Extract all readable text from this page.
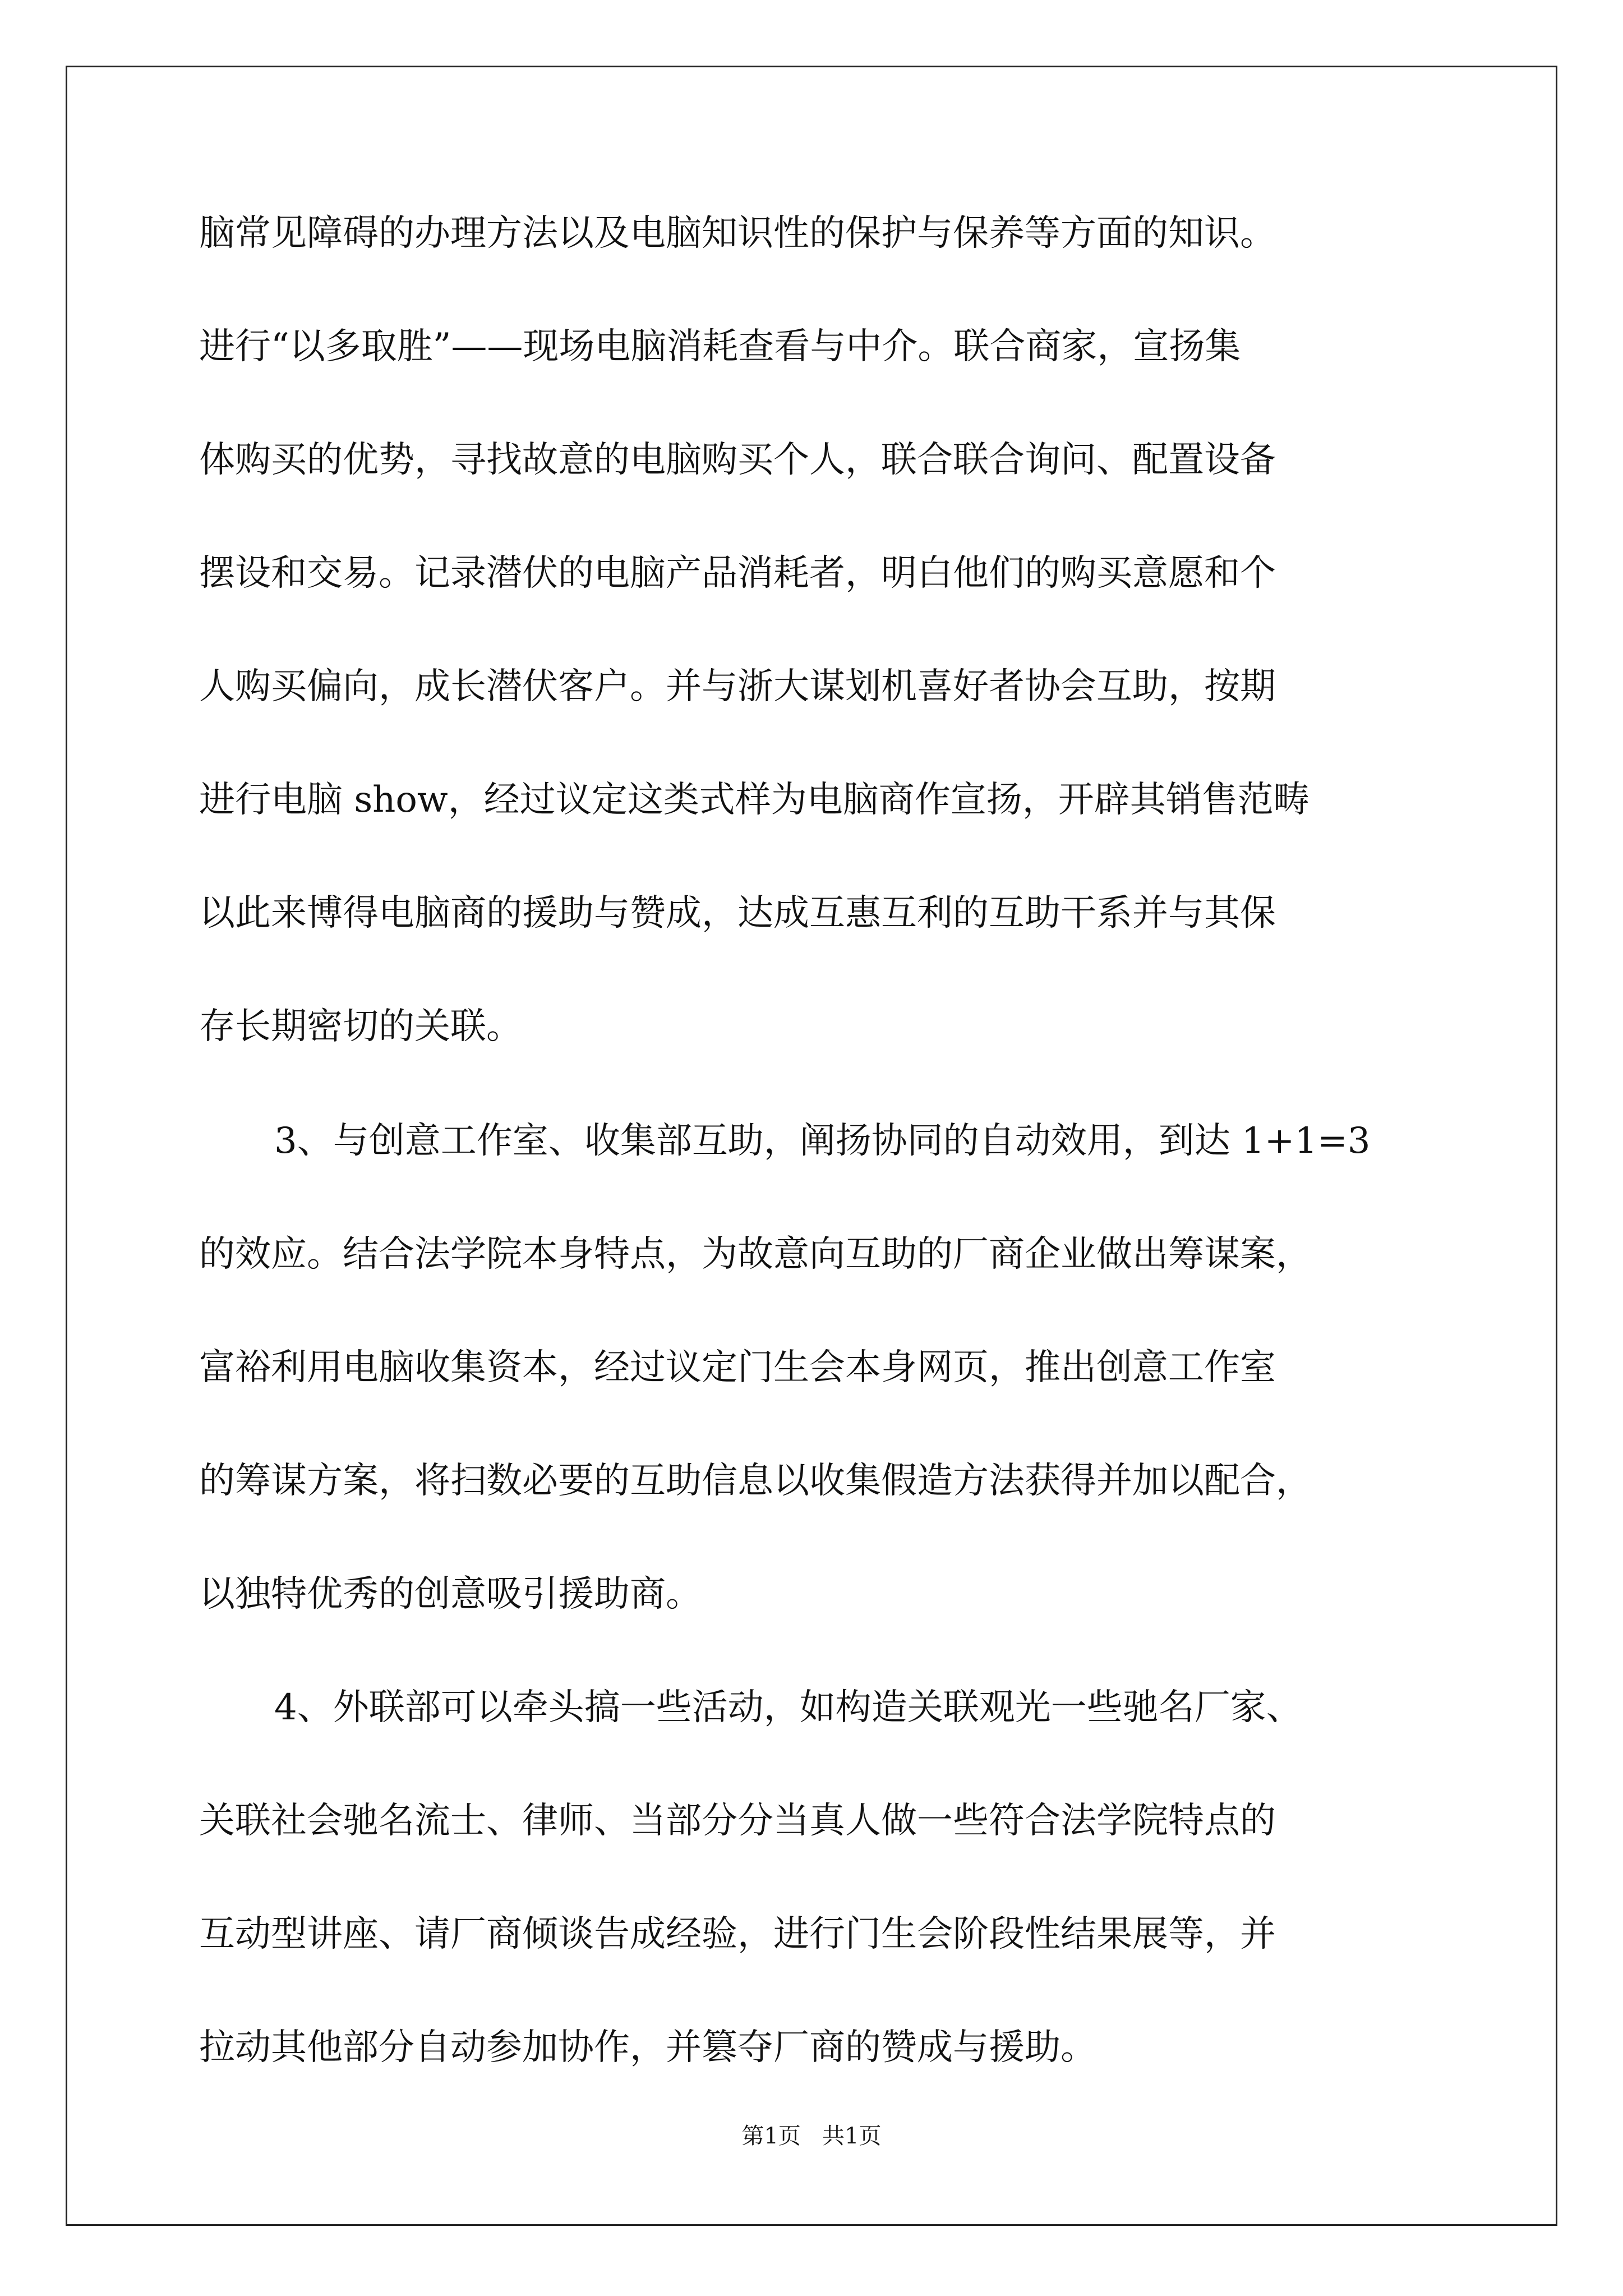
脑常见障碍的办理方法以及电脑知识性的保护与保养等方面的知识。
进行“以多取胜”——现场电脑消耗查看与中介。联合商家，宣扬集
体购买的优势，寻找故意的电脑购买个人，联合联合询问、配置设备
摆设和交易。记录潜伏的电脑产品消耗者，明白他们的购买意愿和个
人购买偏向，成长潜伏客户。并与浙大谋划机喜好者协会互助，按期
进行电脑 show，经过议定这类式样为电脑商作宣扬，开辟其销售范畴
以此来博得电脑商的援助与赞成，达成互惠互利的互助干系并与其保
存长期密切的关联。
3、与创意工作室、收集部互助，阐扬协同的自动效用，到达 1+1=3
的效应。结合法学院本身特点，为故意向互助的厂商企业做出筹谋案，
富裕利用电脑收集资本，经过议定门生会本身网页，推出创意工作室
的筹谋方案，将扫数必要的互助信息以收集假造方法获得并加以配合，
以独特优秀的创意吸引援助商。
4、外联部可以牵头搞一些活动，如构造关联观光一些驰名厂家、
关联社会驰名流士、律师、当部分分当真人做一些符合法学院特点的
互动型讲座、请厂商倾谈告成经验，进行门生会阶段性结果展等，并
拉动其他部分自动参加协作，并篡夺厂商的赞成与援助。
第1页   共1页
